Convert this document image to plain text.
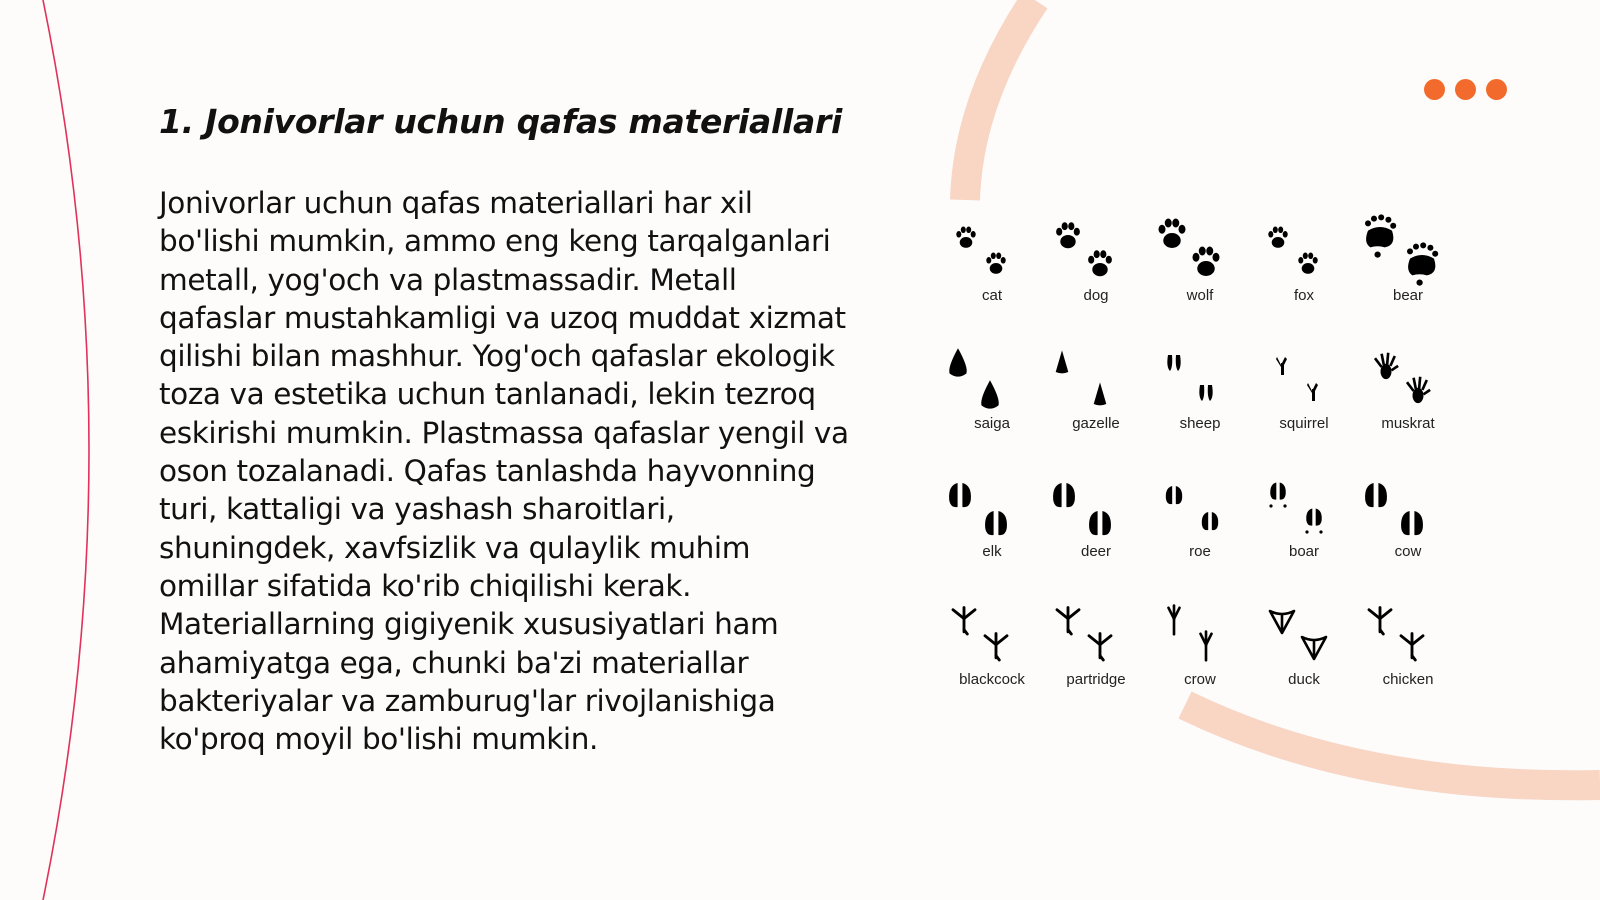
1. Jonivorlar uchun qafas materiallari

Jonivorlar uchun qafas materiallari har xil bo'lishi mumkin, ammo eng keng tarqalganlari metall, yog'och va plastmassadir. Metall qafaslar mustahkamligi va uzoq muddat xizmat qilishi bilan mashhur. Yog'och qafaslar ekologik toza va estetika uchun tanlanadi, lekin tezroq eskirishi mumkin. Plastmassa qafaslar yengil va oson tozalanadi. Qafas tanlashda hayvonning turi, kattaligi va yashash sharoitlari, shuningdek, xavfsizlik va qulaylik muhim omillar sifatida ko'rib chiqilishi kerak. Materiallarning gigiyenik xususiyatlari ham ahamiyatga ega, chunki ba'zi materiallar bakteriyalar va zamburug'lar rivojlanishiga ko'proq moyil bo'lishi mumkin.

cat	dog	wolf	fox	bear
saiga	gazelle	sheep	squirrel	muskrat
elk	deer	roe	boar	cow
blackcock	partridge	crow	duck	chicken
